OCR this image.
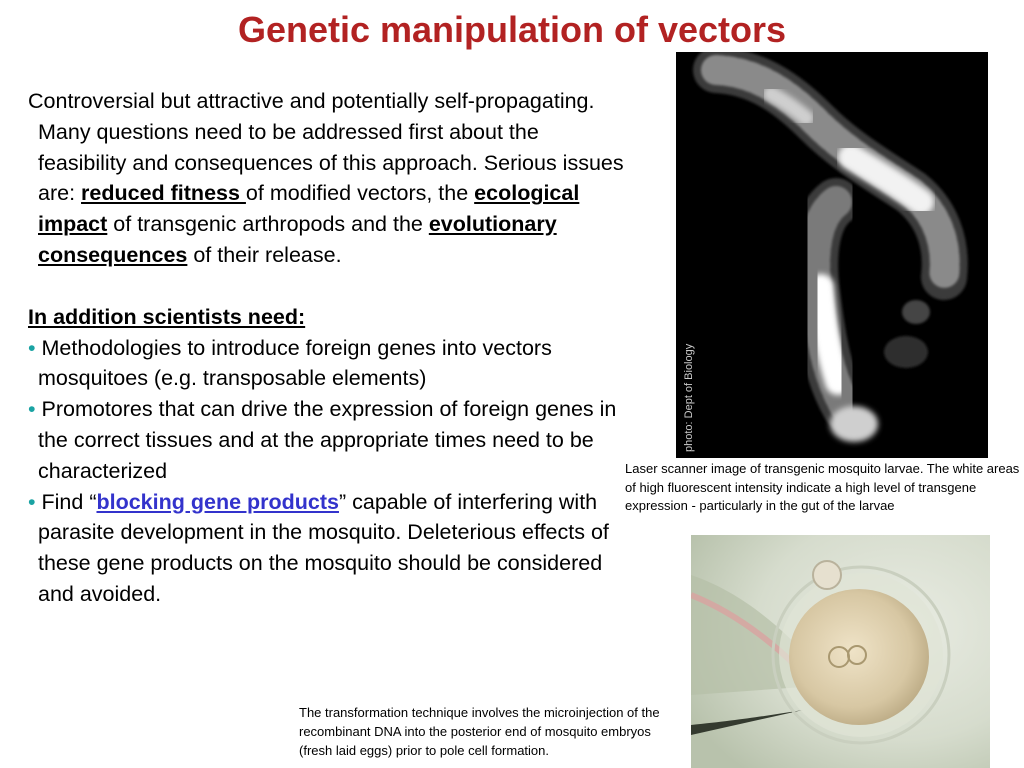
Genetic manipulation of vectors

Controversial but attractive and potentially self-propagating. Many questions need to be addressed first about the feasibility and consequences of this approach. Serious issues are: reduced fitness of modified vectors, the ecological impact of transgenic arthropods and the evolutionary consequences of their release.

In addition scientists need:

• Methodologies to introduce foreign genes into vectors mosquitoes (e.g. transposable elements)

• Promotores that can drive the expression of foreign genes in the correct tissues and at the appropriate times need to be characterized

• Find “blocking gene products” capable of interfering with parasite development in the mosquito. Deleterious effects of these gene products on the mosquito should be considered and avoided.

photo: Dept of Biology
Laser scanner image of transgenic mosquito larvae. The white areas of high fluorescent intensity indicate a high level of transgene expression - particularly in the gut of the larvae
The transformation technique involves the microinjection of the recombinant DNA into the posterior end of mosquito embryos (fresh laid eggs) prior to pole cell formation.
